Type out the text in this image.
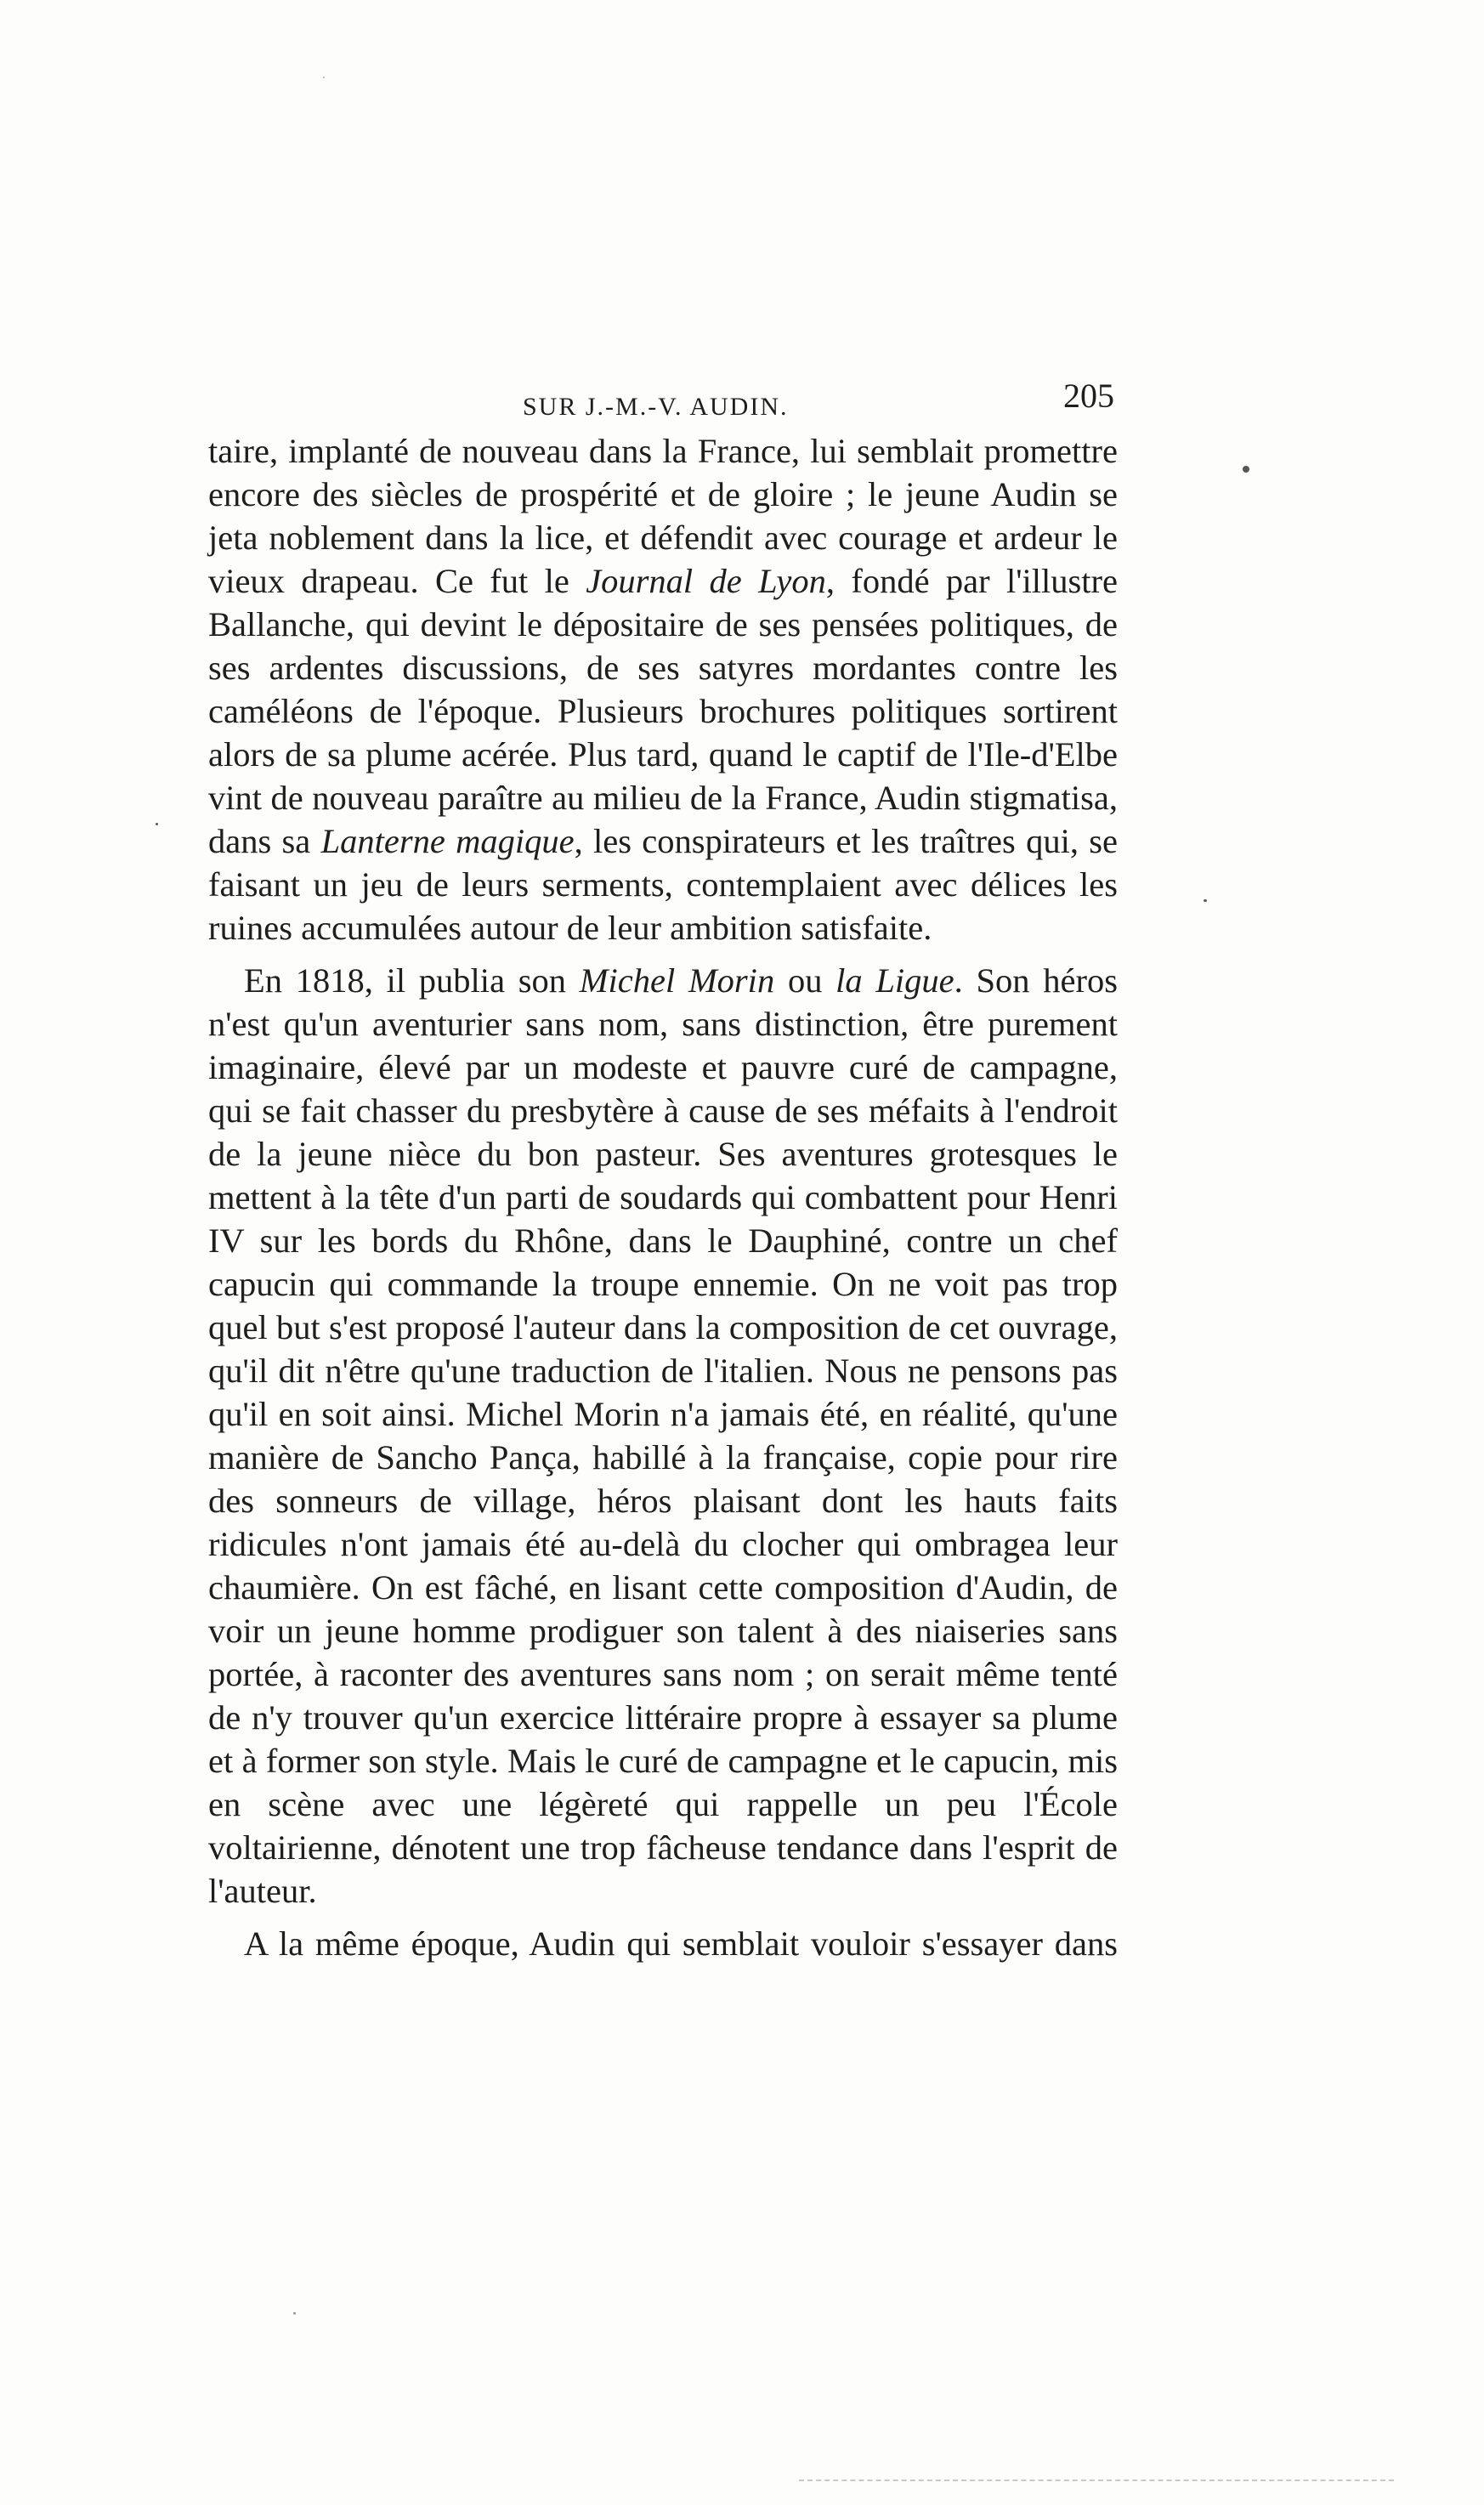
SUR J.-M.-V. AUDIN.	205

taire, implanté de nouveau dans la France, lui semblait promettre encore des siècles de prospérité et de gloire ; le jeune Audin se jeta noblement dans la lice, et défendit avec courage et ardeur le vieux drapeau. Ce fut le Journal de Lyon, fondé par l'illustre Ballanche, qui devint le dépositaire de ses pensées politiques, de ses ardentes discussions, de ses satyres mordantes contre les caméléons de l'époque. Plusieurs brochures politiques sortirent alors de sa plume acérée. Plus tard, quand le captif de l'Ile-d'Elbe vint de nouveau paraître au milieu de la France, Audin stigmatisa, dans sa Lanterne magique, les conspirateurs et les traîtres qui, se faisant un jeu de leurs serments, contemplaient avec délices les ruines accumulées autour de leur ambition satisfaite.

En 1818, il publia son Michel Morin ou la Ligue. Son héros n'est qu'un aventurier sans nom, sans distinction, être purement imaginaire, élevé par un modeste et pauvre curé de campagne, qui se fait chasser du presbytère à cause de ses méfaits à l'endroit de la jeune nièce du bon pasteur. Ses aventures grotesques le mettent à la tête d'un parti de soudards qui combattent pour Henri IV sur les bords du Rhône, dans le Dauphiné, contre un chef capucin qui commande la troupe ennemie. On ne voit pas trop quel but s'est proposé l'auteur dans la composition de cet ouvrage, qu'il dit n'être qu'une traduction de l'italien. Nous ne pensons pas qu'il en soit ainsi. Michel Morin n'a jamais été, en réalité, qu'une manière de Sancho Pança, habillé à la française, copie pour rire des sonneurs de village, héros plaisant dont les hauts faits ridicules n'ont jamais été au-delà du clocher qui ombragea leur chaumière. On est fâché, en lisant cette composition d'Audin, de voir un jeune homme prodiguer son talent à des niaiseries sans portée, à raconter des aventures sans nom ; on serait même tenté de n'y trouver qu'un exercice littéraire propre à essayer sa plume et à former son style. Mais le curé de campagne et le capucin, mis en scène avec une légèreté qui rappelle un peu l'École voltairienne, dénotent une trop fâcheuse tendance dans l'esprit de l'auteur.

A la même époque, Audin qui semblait vouloir s'essayer dans
